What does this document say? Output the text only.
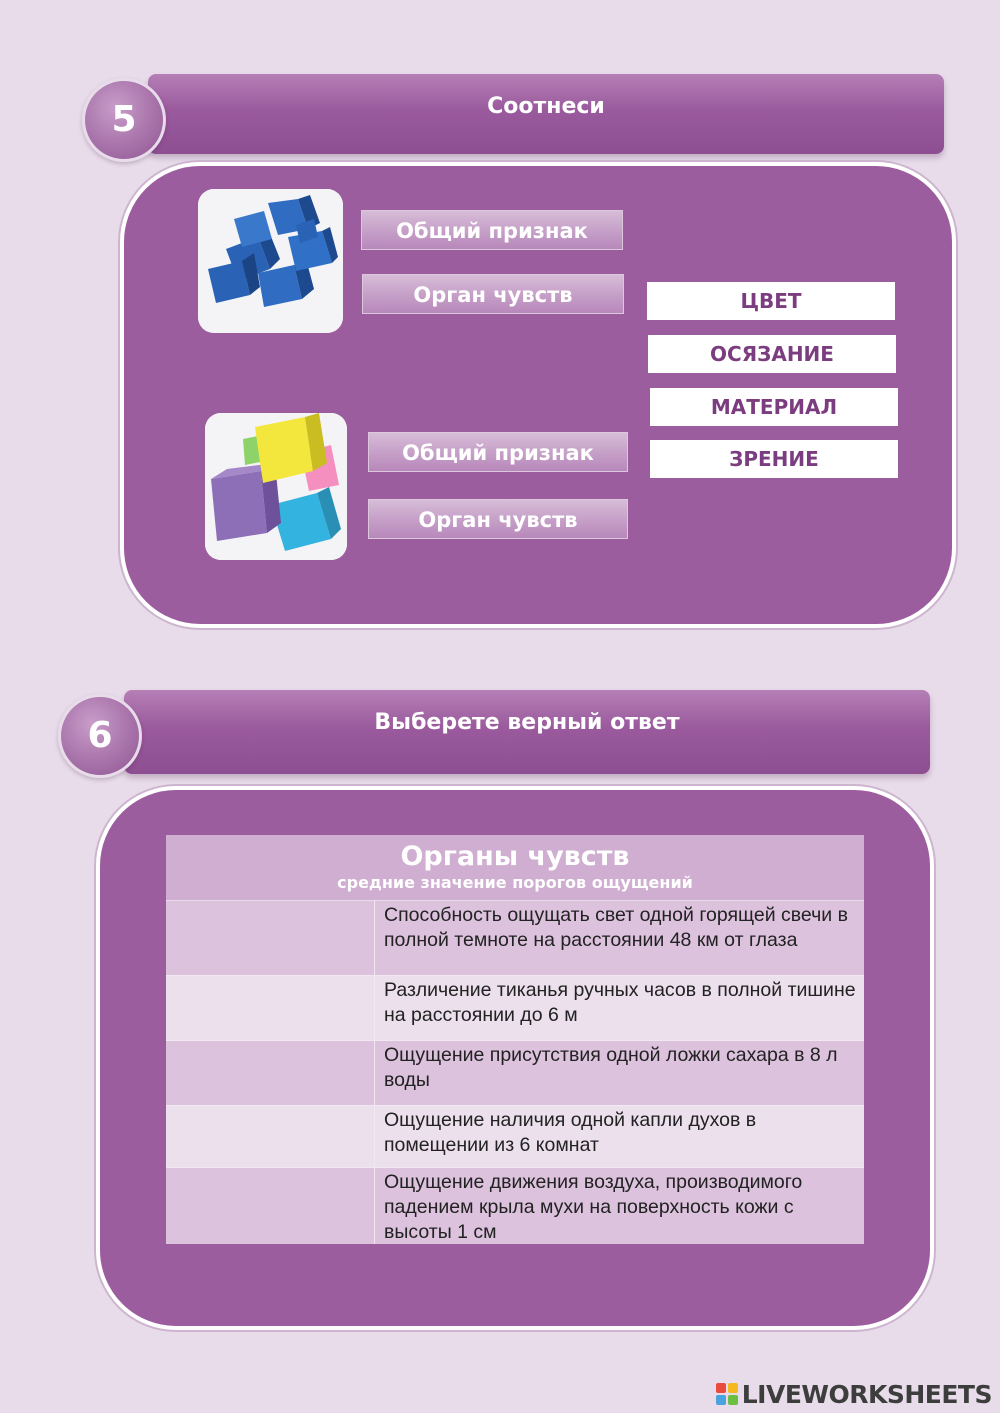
Соотнеси
5
Общий признак
Орган чувств	ЦВЕТ
ОСЯЗАНИЕ
МАТЕРИАЛ
ЗРЕНИЕ
Общий признак
Орган чувств
Выберете верный ответ
6
Органы чувств
средние значение порогов ощущений
Способность ощущать свет одной горящей свечи в полной темноте на расстоянии 48 км от глаза
Различение тиканья ручных часов в полной тишине на расстоянии до 6 м
Ощущение присутствия одной ложки сахара в 8 л воды
Ощущение наличия одной капли духов в помещении из 6 комнат
Ощущение движения воздуха, производимого падением крыла мухи на поверхность кожи с высоты 1 см
LIVEWORKSHEETS
